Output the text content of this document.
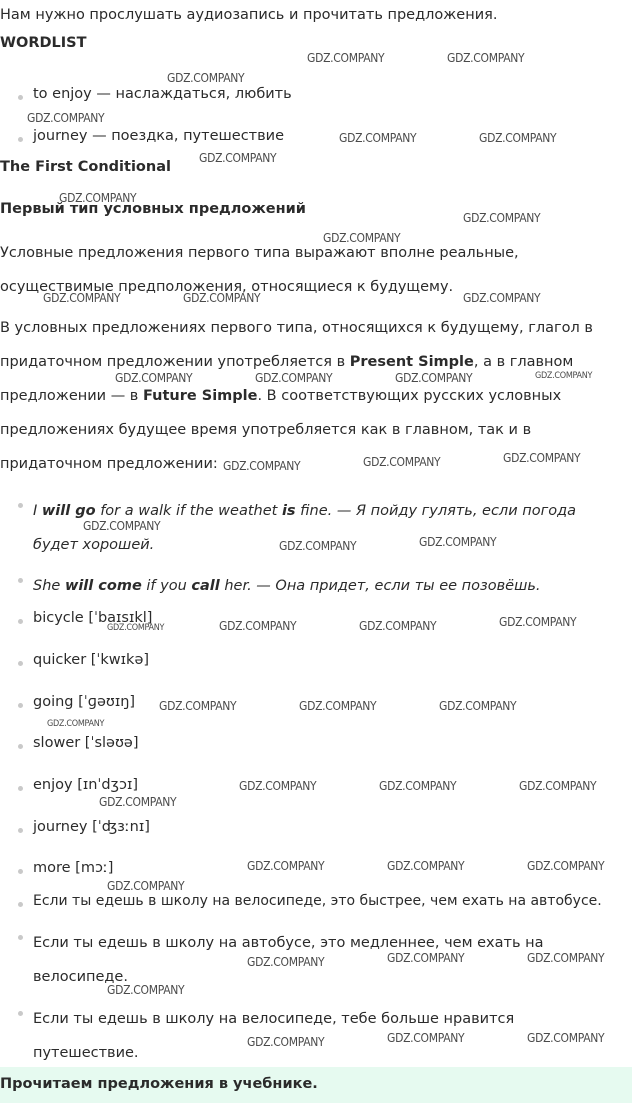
Нам нужно прослушать аудиозапись и прочитать предложения.

WORDLIST

to enjoy — наслаждаться, любить
journey — поездка, путешествие

The First Conditional

Первый тип условных предложений

Условные предложения первого типа выражают вполне реальные, осуществимые предположения, относящиеся к будущему.

В условных предложениях первого типа, относящихся к будущему, глагол в придаточном предложении употребляется в Present Simple, а в главном предложении — в Future Simple. В соответствующих русских условных предложениях будущее время употребляется как в главном, так и в придаточном предложении:

I will go for a walk if the weathet is fine. — Я пойду гулять, если погода будет хорошей.
She will come if you call her. — Она придет, если ты ее позовёшь.
bicycle [ˈbaɪsɪkl]
quicker [ˈkwɪkə]
going [ˈɡəʊɪŋ]
slower [ˈsləʊə]
enjoy [ɪnˈdʒɔɪ]
journey [ˈʤɜːnɪ]
more [mɔː]
Если ты едешь в школу на велосипеде, это быстрее, чем ехать на автобусе.
Если ты едешь в школу на автобусе, это медленнее, чем ехать на велосипеде.
Если ты едешь в школу на велосипеде, тебе больше нравится путешествие.
Прочитаем предложения в учебнике.
GDZ.COMPANY	GDZ.COMPANY
GDZ.COMPANY
GDZ.COMPANY
GDZ.COMPANY	GDZ.COMPANY
GDZ.COMPANY
GDZ.COMPANY
GDZ.COMPANY
GDZ.COMPANY
GDZ.COMPANY	GDZ.COMPANY	GDZ.COMPANY
GDZ.COMPANY	GDZ.COMPANY	GDZ.COMPANY	GDZ.COMPANY
GDZ.COMPANY	GDZ.COMPANY	GDZ.COMPANY
GDZ.COMPANY
GDZ.COMPANY	GDZ.COMPANY
GDZ.COMPANY	GDZ.COMPANY	GDZ.COMPANY	GDZ.COMPANY
GDZ.COMPANY	GDZ.COMPANY	GDZ.COMPANY
GDZ.COMPANY
GDZ.COMPANY	GDZ.COMPANY	GDZ.COMPANY
GDZ.COMPANY
GDZ.COMPANY	GDZ.COMPANY	GDZ.COMPANY
GDZ.COMPANY
GDZ.COMPANY	GDZ.COMPANY	GDZ.COMPANY
GDZ.COMPANY
GDZ.COMPANY	GDZ.COMPANY	GDZ.COMPANY
